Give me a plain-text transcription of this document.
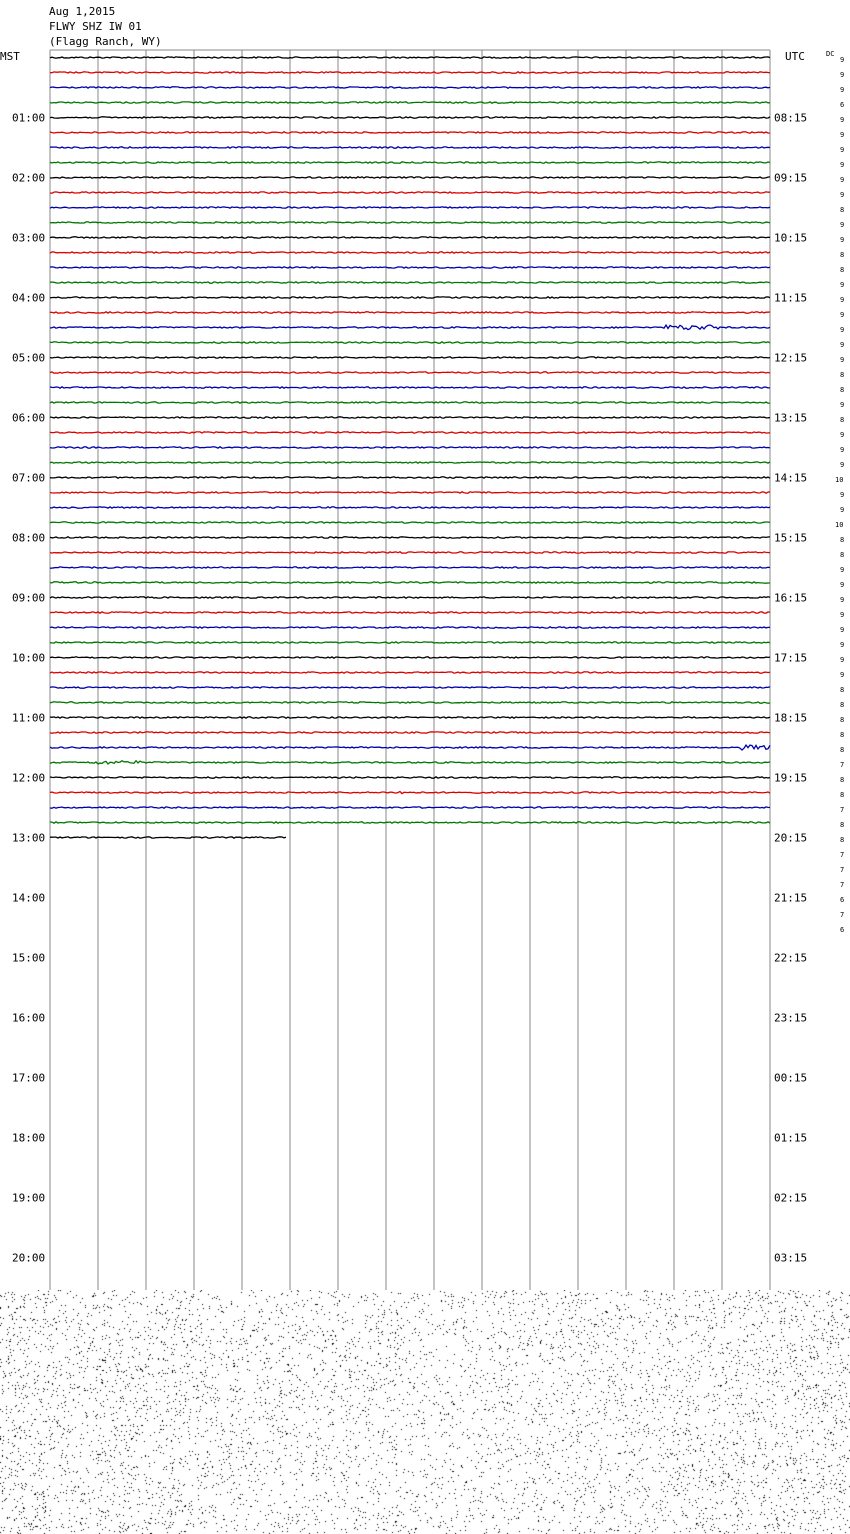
Aug 1,2015
FLWY SHZ IW 01
(Flagg Ranch, WY)
MST	UTC	DC
01:00
02:00
03:00
04:00
05:00
06:00
07:00
08:00
09:00
10:00
11:00
12:00
13:00
14:00
15:00
16:00
17:00
18:00
19:00
20:00
08:15
09:15
10:15
11:15
12:15
13:15
14:15
15:15
16:15
17:15
18:15
19:15
20:15
21:15
22:15
23:15
00:15
01:15
02:15
03:15
9
9
9
6
9
9
9
9
9
9
8
9
9
8
8
9
9
9
9
9
9
8
8
9
8
9
9
9
10
9
9
10
8
8
9
9
9
9
9
9
9
9
8
8
8
8
8
7
8
8
7
8
8
7
7
7
6
7
6
